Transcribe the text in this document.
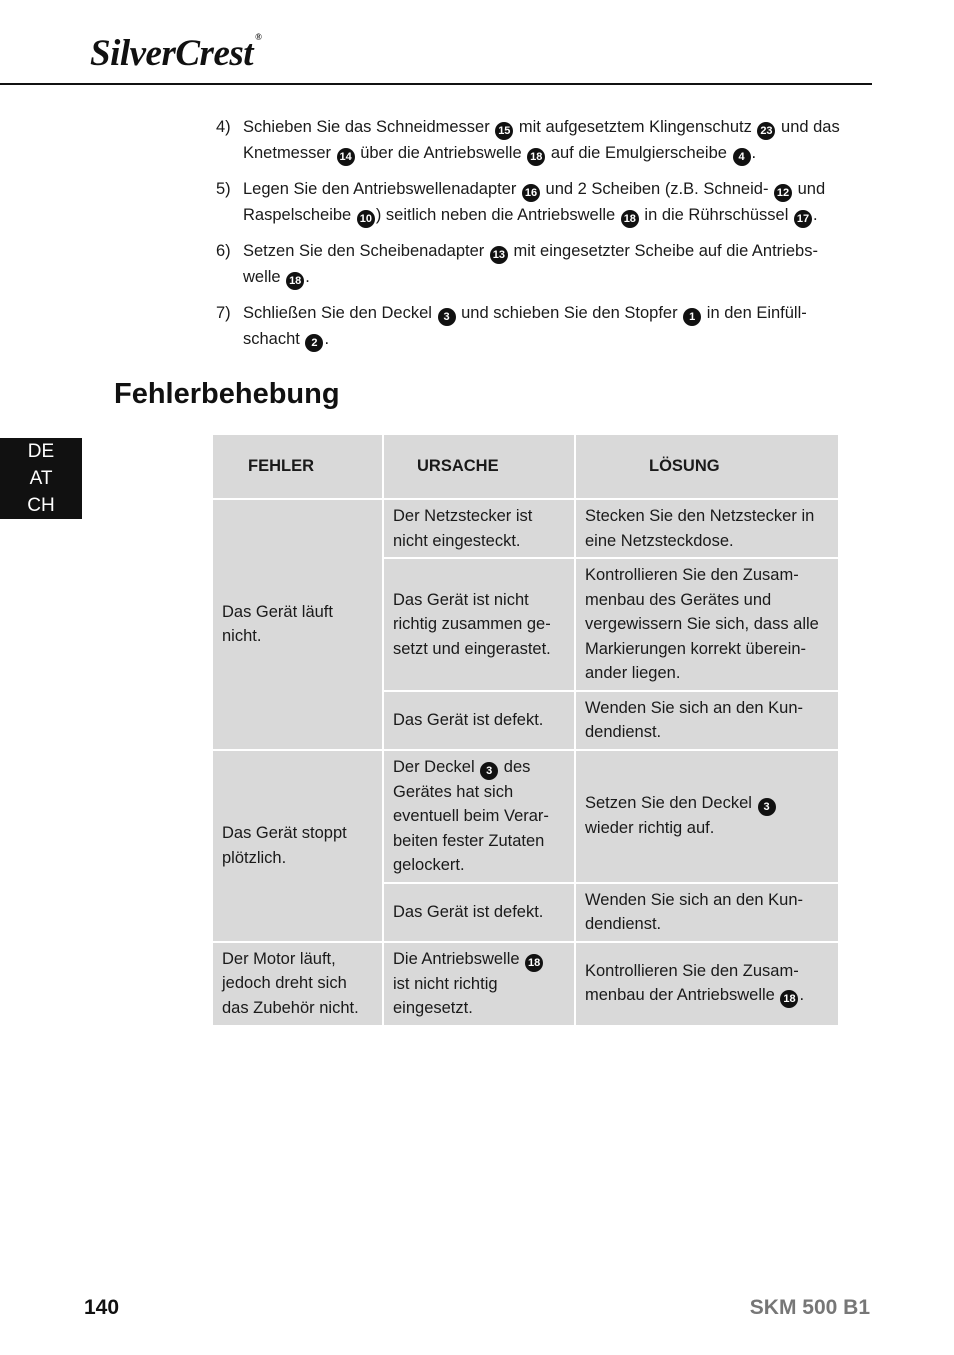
SilverCrest ®
4) Schieben Sie das Schneidmesser 15 mit aufgesetztem Klingenschutz 23 und das Knetmesser 14 über die Antriebswelle 18 auf die Emulgierscheibe 4 .
5) Legen Sie den Antriebswellenadapter 16 und 2 Scheiben (z.B. Schneid- 12 und Raspelscheibe 10 ) seitlich neben die Antriebswelle 18 in die Rührschüssel 17 .
6) Setzen Sie den Scheibenadapter 13 mit eingesetzter Scheibe auf die Antriebs-welle 18 .
7) Schließen Sie den Deckel 3 und schieben Sie den Stopfer 1 in den Einfüll-schacht 2 .
Fehlerbehebung
DE
AT
CH
FEHLER	URSACHE	LÖSUNG
Das Gerät läuft nicht.	Der Netzstecker ist nicht eingesteckt.	Stecken Sie den Netzstecker in eine Netzsteckdose.
	Das Gerät ist nicht richtig zusammen ge-setzt und eingerastet.	Kontrollieren Sie den Zusam-menbau des Gerätes und vergewissern Sie sich, dass alle Markierungen korrekt überein-ander liegen.
	Das Gerät ist defekt.	Wenden Sie sich an den Kun-dendienst.
Das Gerät stoppt plötzlich.	Der Deckel 3 des Gerätes hat sich eventuell beim Verar-beiten fester Zutaten gelockert.	Setzen Sie den Deckel 3 wieder richtig auf.
	Das Gerät ist defekt.	Wenden Sie sich an den Kun-dendienst.
Der Motor läuft, jedoch dreht sich das Zubehör nicht.	Die Antriebswelle 18 ist nicht richtig eingesetzt.	Kontrollieren Sie den Zusam-menbau der Antriebswelle 18 .
140	SKM 500 B1
